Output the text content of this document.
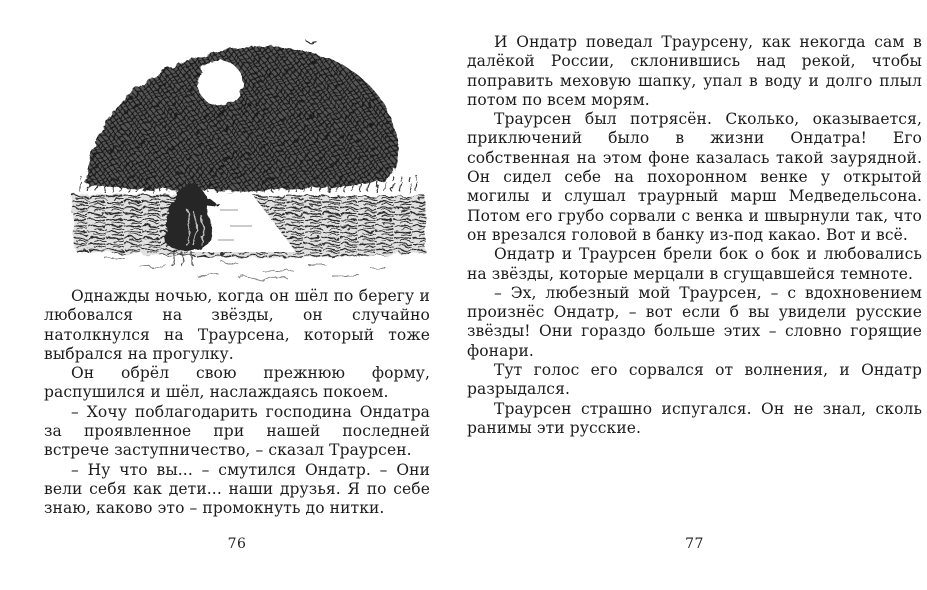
Однажды ночью, когда он шёл по берегу и любовался на звёзды, он случайно натолкнулся на Траурсена, который тоже выбрался на прогулку.

Он обрёл свою прежнюю форму, распушился и шёл, наслаждаясь покоем.

– Хочу поблагодарить господина Ондатра за проявленное при нашей последней встрече заступничество, – сказал Траурсен.

– Ну что вы... – смутился Ондатр. – Они вели себя как дети... наши друзья. Я по себе знаю, каково это – промокнуть до нитки.

76

И Ондатр поведал Траурсену, как некогда сам в далёкой России, склонившись над рекой, чтобы поправить меховую шапку, упал в воду и долго плыл потом по всем морям.

Траурсен был потрясён. Сколько, оказывается, приключений было в жизни Ондатра! Его собственная на этом фоне казалась такой заурядной. Он сидел себе на похоронном венке у открытой могилы и слушал траурный марш Медведельсона. Потом его грубо сорвали с венка и швырнули так, что он врезался головой в банку из-под какао. Вот и всё.

Ондатр и Траурсен брели бок о бок и любовались на звёзды, которые мерцали в сгущавшейся темноте.

– Эх, любезный мой Траурсен, – с вдохновением произнёс Ондатр, – вот если б вы увидели русские звёзды! Они гораздо больше этих – словно горящие фонари.

Тут голос его сорвался от волнения, и Ондатр разрыдался.

Траурсен страшно испугался. Он не знал, сколь ранимы эти русские.

77
